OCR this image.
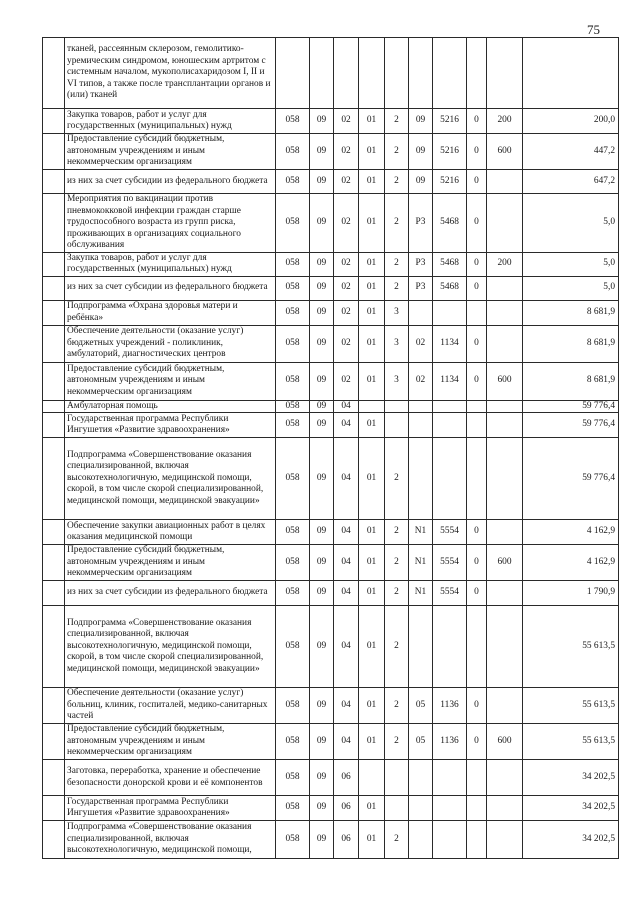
75
	тканей, рассеянным склерозом, гемолитико-уремическим синдромом, юношеским артритом с системным началом, мукополисахаридозом I, II и VI типов, а также после трансплантации органов и (или) тканей										
	Закупка товаров, работ и услуг для государственных (муниципальных) нужд	058	09	02	01	2	09	5216	0	200	200,0
	Предоставление субсидий бюджетным, автономным учреждениям и иным некоммерческим организациям	058	09	02	01	2	09	5216	0	600	447,2
	из них за счет субсидии из федерального бюджета	058	09	02	01	2	09	5216	0		647,2
	Мероприятия по вакцинации против пневмококковой инфекции граждан старше трудоспособного возраста из групп риска, проживающих в организациях социального обслуживания	058	09	02	01	2	Р3	5468	0		5,0
	Закупка товаров, работ и услуг для государственных (муниципальных) нужд	058	09	02	01	2	Р3	5468	0	200	5,0
	из них за счет субсидии из федерального бюджета	058	09	02	01	2	Р3	5468	0		5,0
	Подпрограмма «Охрана здоровья матери и ребёнка»	058	09	02	01	3					8 681,9
	Обеспечение деятельности (оказание услуг) бюджетных учреждений - поликлиник, амбулаторий, диагностических центров	058	09	02	01	3	02	1134	0		8 681,9
	Предоставление субсидий бюджетным, автономным учреждениям и иным некоммерческим организациям	058	09	02	01	3	02	1134	0	600	8 681,9
	Амбулаторная помощь	058	09	04							59 776,4
	Государственная программа Республики Ингушетия «Развитие здравоохранения»	058	09	04	01						59 776,4
	Подпрограмма «Совершенствование оказания специализированной, включая высокотехнологичную, медицинской помощи, скорой, в том числе скорой специализированной, медицинской помощи, медицинской эвакуации»	058	09	04	01	2					59 776,4
	Обеспечение закупки авиационных работ в целях оказания медицинской помощи	058	09	04	01	2	N1	5554	0		4 162,9
	Предоставление субсидий бюджетным, автономным учреждениям и иным некоммерческим организациям	058	09	04	01	2	N1	5554	0	600	4 162,9
	из них за счет субсидии из федерального бюджета	058	09	04	01	2	N1	5554	0		1 790,9
	Подпрограмма «Совершенствование оказания специализированной, включая высокотехнологичную, медицинской помощи, скорой, в том числе скорой специализированной, медицинской помощи, медицинской эвакуации»	058	09	04	01	2					55 613,5
	Обеспечение деятельности (оказание услуг) больниц, клиник, госпиталей, медико-санитарных частей	058	09	04	01	2	05	1136	0		55 613,5
	Предоставление субсидий бюджетным, автономным учреждениям и иным некоммерческим организациям	058	09	04	01	2	05	1136	0	600	55 613,5
	Заготовка, переработка, хранение и обеспечение безопасности донорской крови и её компонентов	058	09	06							34 202,5
	Государственная программа Республики Ингушетия «Развитие здравоохранения»	058	09	06	01						34 202,5
	Подпрограмма «Совершенствование оказания специализированной, включая высокотехнологичную, медицинской помощи,	058	09	06	01	2					34 202,5
